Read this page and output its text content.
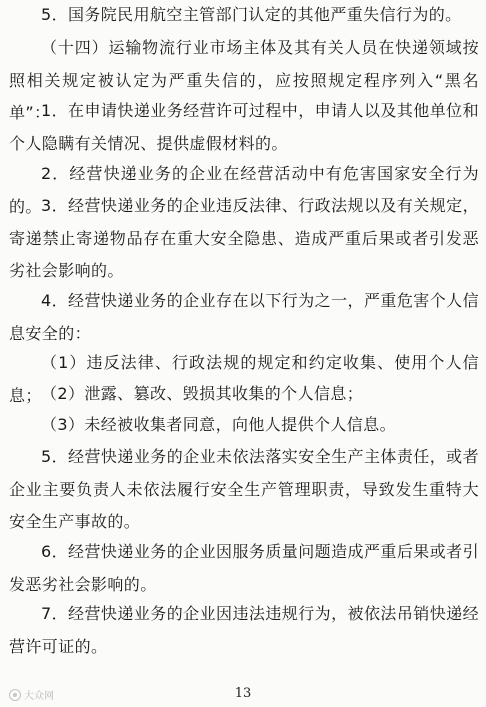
5．国务院民用航空主管部门认定的其他严重失信行为的。

（十四）运输物流行业市场主体及其有关人员在快递领域按照相关规定被认定为严重失信的，应按照规定程序列入“黑名单”：

1．在申请快递业务经营许可过程中，申请人以及其他单位和个人隐瞒有关情况、提供虚假材料的。

2．经营快递业务的企业在经营活动中有危害国家安全行为的。 3．经营快递业务的企业违反法律、行政法规以及有关规定，寄递禁止寄递物品存在重大安全隐患、造成严重后果或者引发恶劣社会影响的。

4．经营快递业务的企业存在以下行为之一，严重危害个人信息安全的：

（1）违反法律、行政法规的规定和约定收集、使用个人信息； （2）泄露、篡改、毁损其收集的个人信息；

（3）未经被收集者同意，向他人提供个人信息。

5．经营快递业务的企业未依法落实安全生产主体责任，或者企业主要负责人未依法履行安全生产管理职责，导致发生重特大安全生产事故的。

6．经营快递业务的企业因服务质量问题造成严重后果或者引发恶劣社会影响的。

7．经营快递业务的企业因违法违规行为，被依法吊销快递经营许可证的。

大众网	13
